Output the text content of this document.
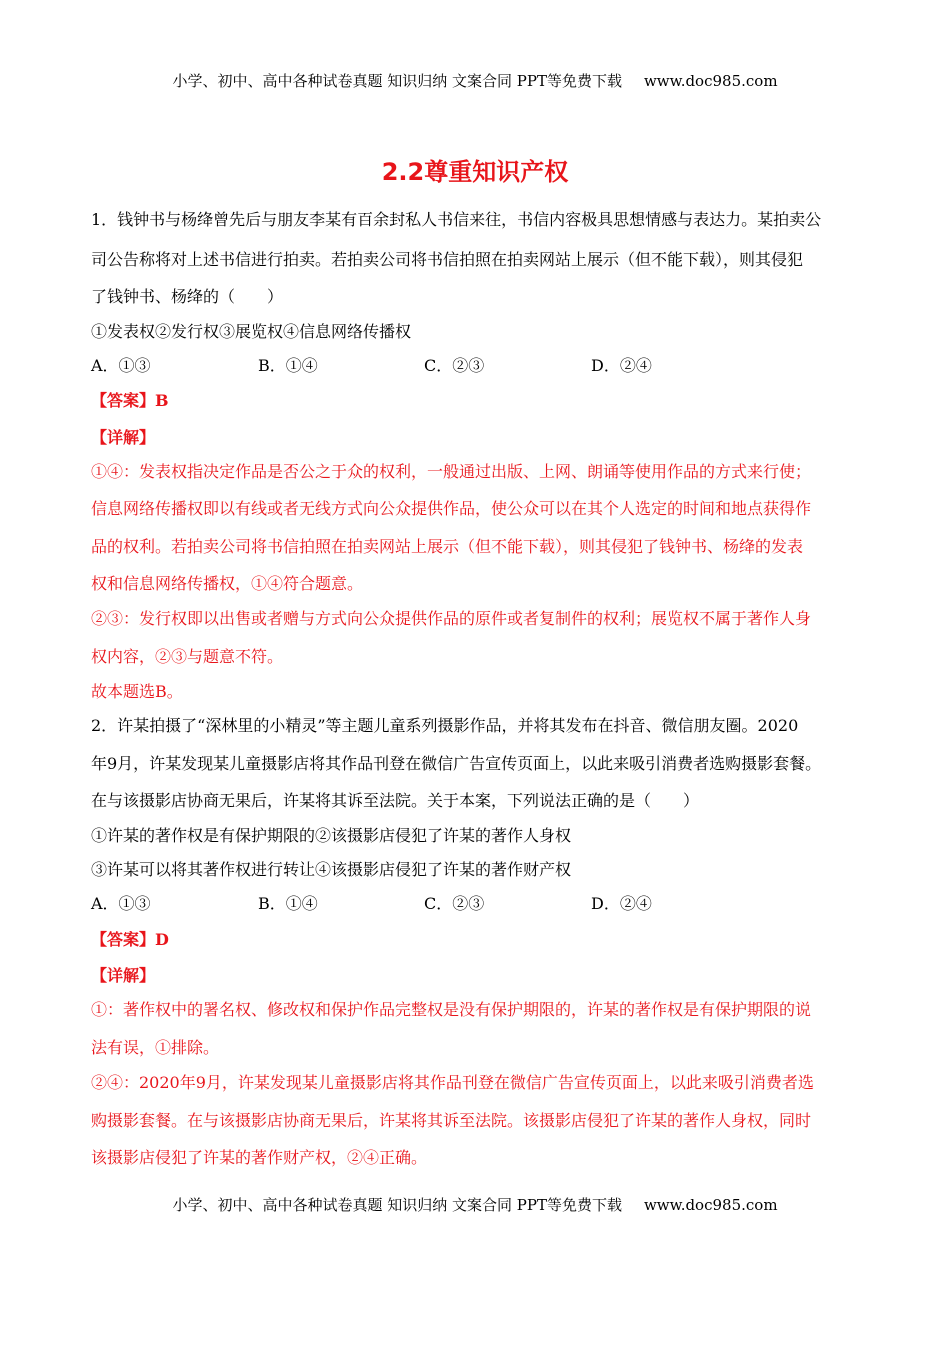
小学、初中、高中各种试卷真题 知识归纳 文案合同 PPT等免费下载 www.doc985.com
2.2尊重知识产权
1．钱钟书与杨绛曾先后与朋友李某有百余封私人书信来往，书信内容极具思想情感与表达力。某拍卖公
司公告称将对上述书信进行拍卖。若拍卖公司将书信拍照在拍卖网站上展示（但不能下载），则其侵犯
了钱钟书、杨绛的（　　）
①发表权②发行权③展览权④信息网络传播权
A．①③	B．①④	C．②③	D．②④
【答案】B
【详解】
①④：发表权指决定作品是否公之于众的权利，一般通过出版、上网、朗诵等使用作品的方式来行使；
信息网络传播权即以有线或者无线方式向公众提供作品，使公众可以在其个人选定的时间和地点获得作
品的权利。若拍卖公司将书信拍照在拍卖网站上展示（但不能下载），则其侵犯了钱钟书、杨绛的发表
权和信息网络传播权，①④符合题意。
②③：发行权即以出售或者赠与方式向公众提供作品的原件或者复制件的权利；展览权不属于著作人身
权内容，②③与题意不符。
故本题选B。
2．许某拍摄了“深林里的小精灵”等主题儿童系列摄影作品，并将其发布在抖音、微信朋友圈。2020
年9月，许某发现某儿童摄影店将其作品刊登在微信广告宣传页面上，以此来吸引消费者选购摄影套餐。
在与该摄影店协商无果后，许某将其诉至法院。关于本案，下列说法正确的是（　　）
①许某的著作权是有保护期限的②该摄影店侵犯了许某的著作人身权
③许某可以将其著作权进行转让④该摄影店侵犯了许某的著作财产权
A．①③	B．①④	C．②③	D．②④
【答案】D
【详解】
①：著作权中的署名权、修改权和保护作品完整权是没有保护期限的，许某的著作权是有保护期限的说
法有误，①排除。
②④：2020年9月，许某发现某儿童摄影店将其作品刊登在微信广告宣传页面上，以此来吸引消费者选
购摄影套餐。在与该摄影店协商无果后，许某将其诉至法院。该摄影店侵犯了许某的著作人身权，同时
该摄影店侵犯了许某的著作财产权，②④正确。
小学、初中、高中各种试卷真题 知识归纳 文案合同 PPT等免费下载 www.doc985.com
